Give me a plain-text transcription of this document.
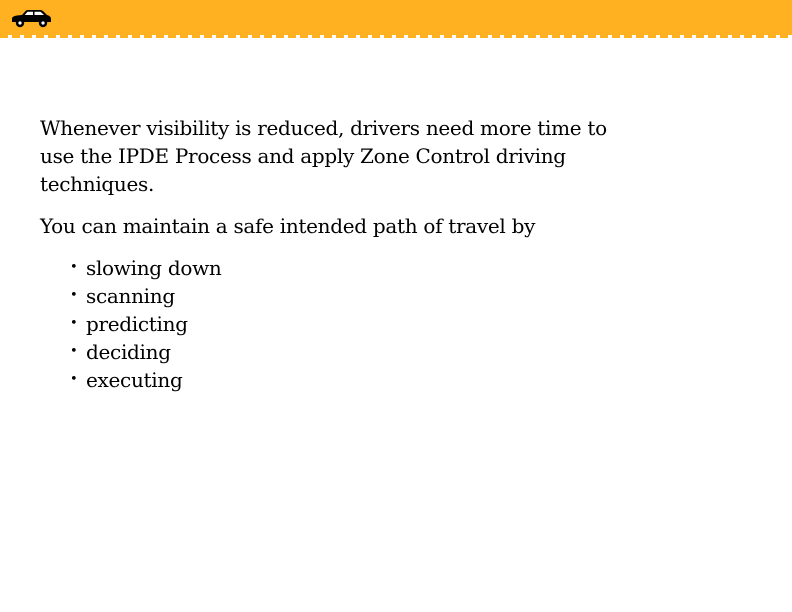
Whenever visibility is reduced, drivers need more time to use the IPDE Process and apply Zone Control driving techniques.

You can maintain a safe intended path of travel by

• slowing down
• scanning
• predicting
• deciding
• executing
